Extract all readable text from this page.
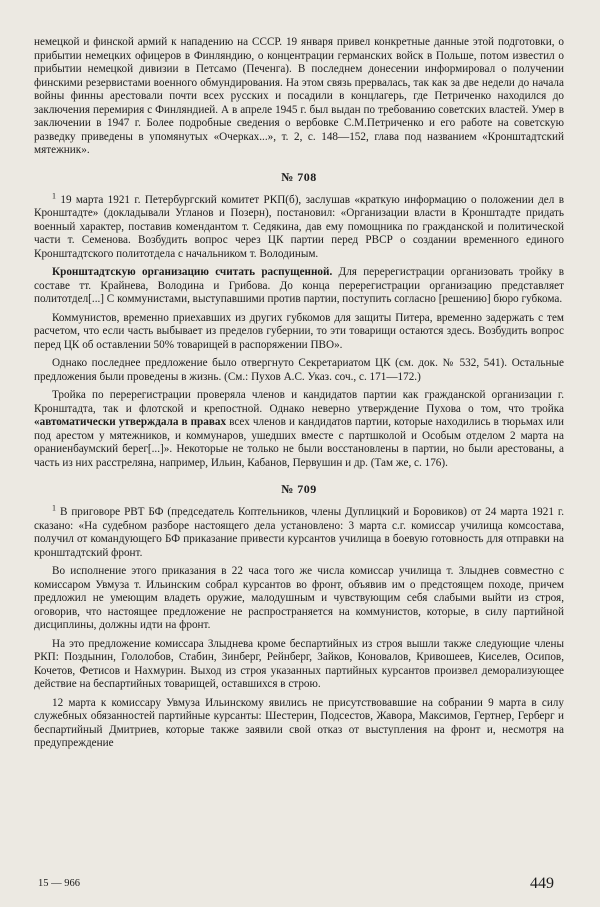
немецкой и финской армий к нападению на СССР. 19 января привел конкретные данные этой подготовки, о прибытии немецких офицеров в Финляндию, о концентрации германских войск в Польше, потом известил о прибытии немецкой дивизии в Петсамо (Печенга). В последнем донесении информировал о получении финскими резервистами военного обмундирования. На этом связь прервалась, так как за две недели до начала войны финны арестовали почти всех русских и посадили в концлагерь, где Петриченко находился до заключения перемирия с Финляндией. А в апреле 1945 г. был выдан по требованию советских властей. Умер в заключении в 1947 г. Более подробные сведения о вербовке С.М.Петриченко и его работе на советскую разведку приведены в упомянутых «Очерках...», т. 2, с. 148—152, глава под названием «Кронштадтский мятежник».

№ 708

$^1$ 19 марта 1921 г. Петербургский комитет РКП(б), заслушав «краткую информацию о положении дел в Кронштадте» (докладывали Угланов и Позерн), постановил: «Организации власти в Кронштадте придать военный характер, поставив комендантом т. Седякина, дав ему помощника по гражданской и политической части т. Семенова. Возбудить вопрос через ЦК партии перед РВСР о создании временного единого Кронштадтского политотдела с начальником т. Володиным.

Кронштадтскую организацию считать распущенной. Для перерегистрации организовать тройку в составе тт. Крайнева, Володина и Грибова. До конца перерегистрации организацию представляет политотдел[...] С коммунистами, выступавшими против партии, поступить согласно [решению] бюро губкома.

Коммунистов, временно приехавших из других губкомов для защиты Питера, временно задержать с тем расчетом, что если часть выбывает из пределов губернии, то эти товарищи остаются здесь. Возбудить вопрос перед ЦК об оставлении 50% товарищей в распоряжении ПВО».

Однако последнее предложение было отвергнуто Секретариатом ЦК (см. док. № 532, 541). Остальные предложения были проведены в жизнь. (См.: Пухов А.С. Указ. соч., с. 171—172.)

Тройка по перерегистрации проверяла членов и кандидатов партии как гражданской организации г. Кронштадта, так и флотской и крепостной. Однако неверно утверждение Пухова о том, что тройка «автоматически утверждала в правах всех членов и кандидатов партии, которые находились в тюрьмах или под арестом у мятежников, и коммунаров, ушедших вместе с партшколой и Особым отделом 2 марта на ораниенбаумский берег[...]». Некоторые не только не были восстановлены в партии, но были арестованы, а часть из них расстреляна, например, Ильин, Кабанов, Первушин и др. (Там же, с. 176).

№ 709

$^1$ В приговоре РВТ БФ (председатель Коптельников, члены Дуплицкий и Боровиков) от 24 марта 1921 г. сказано: «На судебном разборе настоящего дела установлено: 3 марта с.г. комиссар училища комсостава, получил от командующего БФ приказание привести курсантов училища в боевую готовность для отправки на кронштадтский фронт.

Во исполнение этого приказания в 22 часа того же числа комиссар училища т. Злыднев совместно с комиссаром Увмуза т. Ильинским собрал курсантов во фронт, объявив им о предстоящем походе, причем предложил не умеющим владеть оружие, малодушным и чувствующим себя слабыми выйти из строя, оговорив, что настоящее предложение не распространяется на коммунистов, которые, в силу партийной дисциплины, должны идти на фронт.

На это предложение комиссара Злыднева кроме беспартийных из строя вышли также следующие члены РКП: Поздынин, Гололобов, Стабин, Зинберг, Рейнберг, Зайков, Коновалов, Кривошеев, Киселев, Осипов, Кочетов, Фетисов и Нахмурин. Выход из строя указанных партийных курсантов произвел деморализующее действие на беспартийных товарищей, оставшихся в строю.

12 марта к комиссару Увмуза Ильинскому явились не присутствовавшие на собрании 9 марта в силу служебных обязанностей партийные курсанты: Шестерин, Подсестов, Жавора, Максимов, Гертнер, Герберг и беспартийный Дмитриев, которые также заявили свой отказ от выступления на фронт и, несмотря на предупреждение

15 — 966	449
